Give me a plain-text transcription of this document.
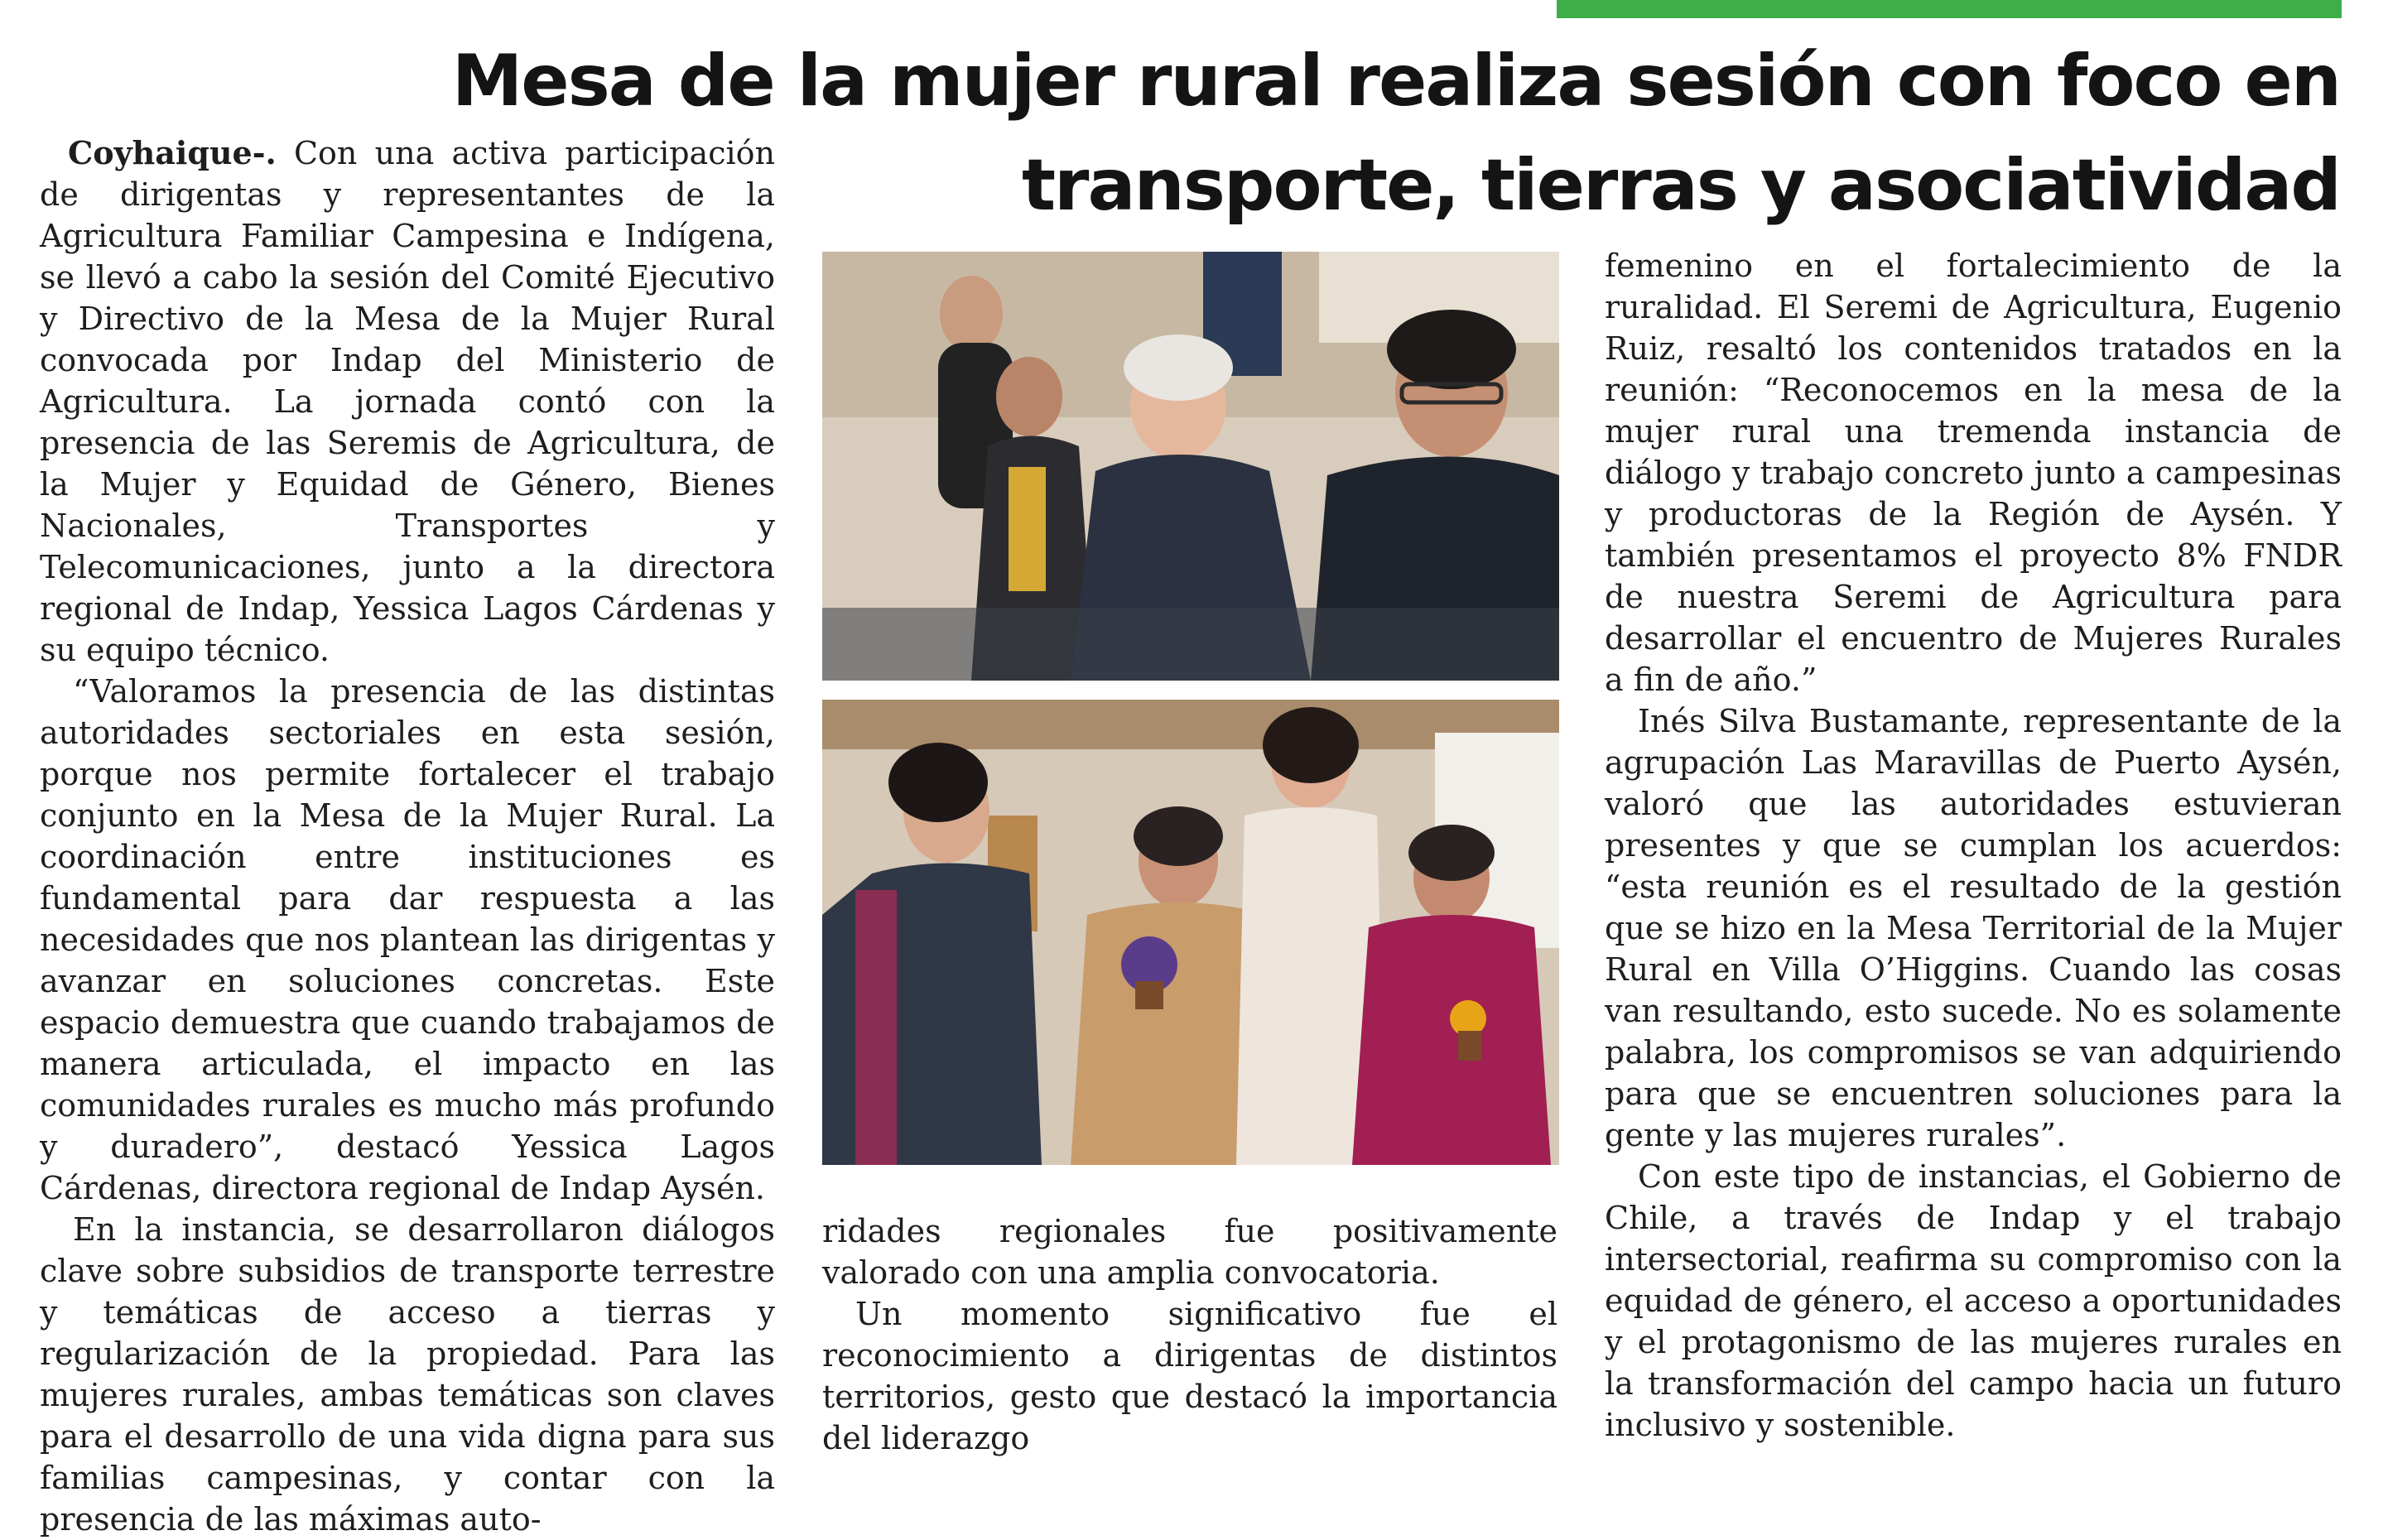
Mesa de la mujer rural realiza sesión con foco en
transporte, tierras y asociatividad

Coyhaique-. Con una activa participación de dirigentas y representantes de la Agricultura Familiar Campesina e Indígena, se llevó a cabo la sesión del Comité Ejecutivo y Directivo de la Mesa de la Mujer Rural convocada por Indap del Ministerio de Agricultura. La jornada contó con la presencia de las Seremis de Agricultura, de la Mujer y Equidad de Género, Bienes Nacionales, Transportes y Telecomunicaciones, junto a la directora regional de Indap, Yessica Lagos Cárdenas y su equipo técnico.

“Valoramos la presencia de las distintas autoridades sectoriales en esta sesión, porque nos permite fortalecer el trabajo conjunto en la Mesa de la Mujer Rural. La coordinación entre instituciones es fundamental para dar respuesta a las necesidades que nos plantean las dirigentas y avanzar en soluciones concretas. Este espacio demuestra que cuando trabajamos de manera articulada, el impacto en las comunidades rurales es mucho más profundo y duradero”, destacó Yessica Lagos Cárdenas, directora regional de Indap Aysén.

En la instancia, se desarrollaron diálogos clave sobre subsidios de transporte terrestre y temáticas de acceso a tierras y regularización de la propiedad. Para las mujeres rurales, ambas temáticas son claves para el desarrollo de una vida digna para sus familias campesinas, y contar con la presencia de las máximas auto-

ridades regionales fue positivamente valorado con una amplia convocatoria.

Un momento significativo fue el reconocimiento a dirigentas de distintos territorios, gesto que destacó la importancia del liderazgo

femenino en el fortalecimiento de la ruralidad. El Seremi de Agricultura, Eugenio Ruiz, resaltó los contenidos tratados en la reunión: “Reconocemos en la mesa de la mujer rural una tremenda instancia de diálogo y trabajo concreto junto a campesinas y productoras de la Región de Aysén. Y también presentamos el proyecto 8% FNDR de nuestra Seremi de Agricultura para desarrollar el encuentro de Mujeres Rurales a fin de año.”

Inés Silva Bustamante, representante de la agrupación Las Maravillas de Puerto Aysén, valoró que las autoridades estuvieran presentes y que se cumplan los acuerdos: “esta reunión es el resultado de la gestión que se hizo en la Mesa Territorial de la Mujer Rural en Villa O’Higgins. Cuando las cosas van resultando, esto sucede. No es solamente palabra, los compromisos se van adquiriendo para que se encuentren soluciones para la gente y las mujeres rurales”.

Con este tipo de instancias, el Gobierno de Chile, a través de Indap y el trabajo intersectorial, reafirma su compromiso con la equidad de género, el acceso a oportunidades y el protagonismo de las mujeres rurales en la transformación del campo hacia un futuro inclusivo y sostenible.
